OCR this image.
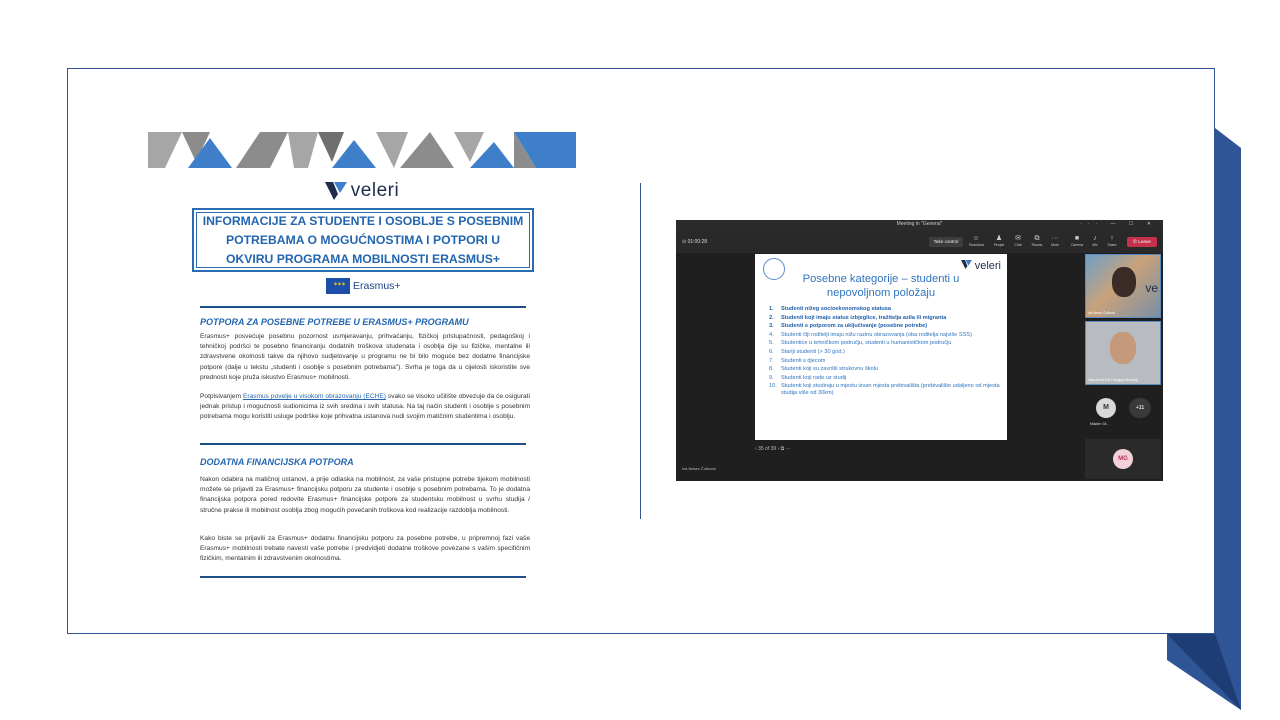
veleri
INFORMACIJE ZA STUDENTE I OSOBLJE S POSEBNIM
POTREBAMA O MOGUĆNOSTIMA I POTPORI U
OKVIRU PROGRAMA MOBILNOSTI ERASMUS+
✶✶✶ Erasmus+
POTPORA ZA POSEBNE POTREBE U ERASMUS+ PROGRAMU
Erasmus+ posvećuje posebnu pozornost usmjeravanju, prihvaćanju, fizičkoj pristupačnosti, pedagoškoj i tehničkoj podršci te posebno financiranju dodatnih troškova studenata i osoblja čije su fizičke, mentalne ili zdravstvene okolnosti takve da njihovo sudjelovanje u programu ne bi bilo moguće bez dodatne financijske potpore (dalje u tekstu „studenti i osoblje s posebnim potrebama"). Svrha je toga da u cijelosti iskoristite sve prednosti koje pruža iskustvo Erasmus+ mobilnosti.
Potpisivanjem Erasmus povelje u visokom obrazovanju (ECHE) svako se visoko učilište obvezuje da će osigurati jednak pristup i mogućnosti sudionicima iz svih sredina i svih statusa. Na taj način studenti i osoblje s posebnim potrebama mogu koristiti usluge podrške koje prihvatna ustanova nudi svojim matičnim studentima i osoblju.
DODATNA FINANCIJSKA POTPORA
Nakon odabira na matičnoj ustanovi, a prije odlaska na mobilnost, za vaše pristupne potrebe tijekom mobilnosti možete se prijaviti za Erasmus+ financijsku potporu za studente i osoblje s posebnim potrebama. To je dodatna financijska potpora pored redovite Erasmus+ financijske potpore za studentsku mobilnost u svrhu studija / stručne prakse ili mobilnost osoblja zbog mogućih povećanih troškova kod realizacije razdoblja mobilnosti.
Kako biste se prijavili za Erasmus+ dodatnu financijsku potporu za posebne potrebe, u pripremnoj fazi vaše Erasmus+ mobilnosti trebate navesti vaše potrebe i predvidjeti dodatne troškove povezane s vašim specifičnim fizičkim, mentalnim ili zdravstvenim okolnostima.
Meeting in "General"	··· — ☐ ✕
⊙ 01:00:28	Take control	☺
Reactions
♟
People
✉
Chat
⧉
Rooms
···
More
■
Camera
♪
Mic
↑
Share
✆ Leave
veleri
Posebne kategorije – studenti u
nepovoljnom položaju
1.	Studenti nižeg socioekonomskog statusa
2.	Studenti koji imaju status izbjeglice, tražitelja azila ili migranta
3.	Studenti s potporom za uključivanje (posebne potrebe)
4.	Studenti čiji roditelji imaju nižu razinu obrazovanja (oba roditelja najviše SSS)
5.	Studentice u tehničkom području, studenti u humanističkom području
6.	Stariji studenti (> 30 god.)
7.	Studenti s djecom
8.	Studenti koji su završili strukovnu školu
9.	Studenti koji rade uz studij
10. Studenti koji studiraju u mjestu izvan mjesta prebivališta (prebivalište udaljeno od mjesta studija više od 30km)
‹ 35 of 39 › ⧉ ···
Iva Nesec Čulković
ve
Iva Nesec Čulković
Kata Andrić (HCI Hungary Meeting)
M
Mladen Gli…
+11
MG
